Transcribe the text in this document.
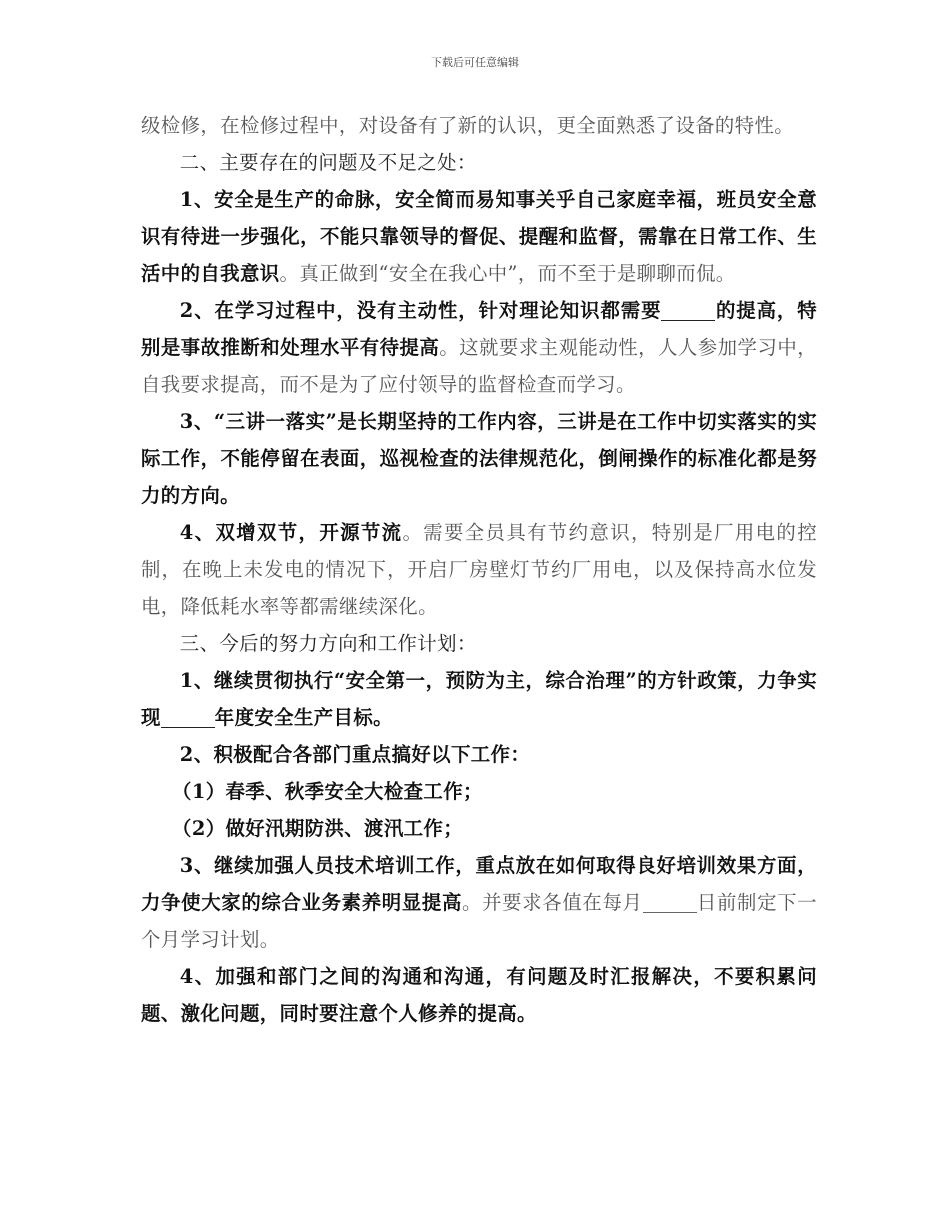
下载后可任意编辑

级检修，在检修过程中，对设备有了新的认识，更全面熟悉了设备的特性。

二、主要存在的问题及不足之处：

1、安全是生产的命脉，安全简而易知事关乎自己家庭幸福，班员安全意识有待进一步强化，不能只靠领导的督促、提醒和监督，需靠在日常工作、生活中的自我意识。真正做到“安全在我心中”，而不至于是聊聊而侃。

2、在学习过程中，没有主动性，针对理论知识都需要	的提高，特别是事故推断和处理水平有待提高。这就要求主观能动性，人人参加学习中，自我要求提高，而不是为了应付领导的监督检查而学习。

3、“三讲一落实”是长期坚持的工作内容，三讲是在工作中切实落实的实际工作，不能停留在表面，巡视检查的法律规范化，倒闸操作的标准化都是努力的方向。

4、双增双节，开源节流。需要全员具有节约意识，特别是厂用电的控制，在晚上未发电的情况下，开启厂房壁灯节约厂用电，以及保持高水位发电，降低耗水率等都需继续深化。

三、今后的努力方向和工作计划：

1、继续贯彻执行“安全第一，预防为主，综合治理”的方针政策，力争实现	年度安全生产目标。

2、积极配合各部门重点搞好以下工作：

（1）春季、秋季安全大检查工作；

（2）做好汛期防洪、渡汛工作；

3、继续加强人员技术培训工作，重点放在如何取得良好培训效果方面，力争使大家的综合业务素养明显提高。并要求各值在每月	日前制定下一个月学习计划。

4、加强和部门之间的沟通和沟通，有问题及时汇报解决，不要积累问题、激化问题，同时要注意个人修养的提高。
